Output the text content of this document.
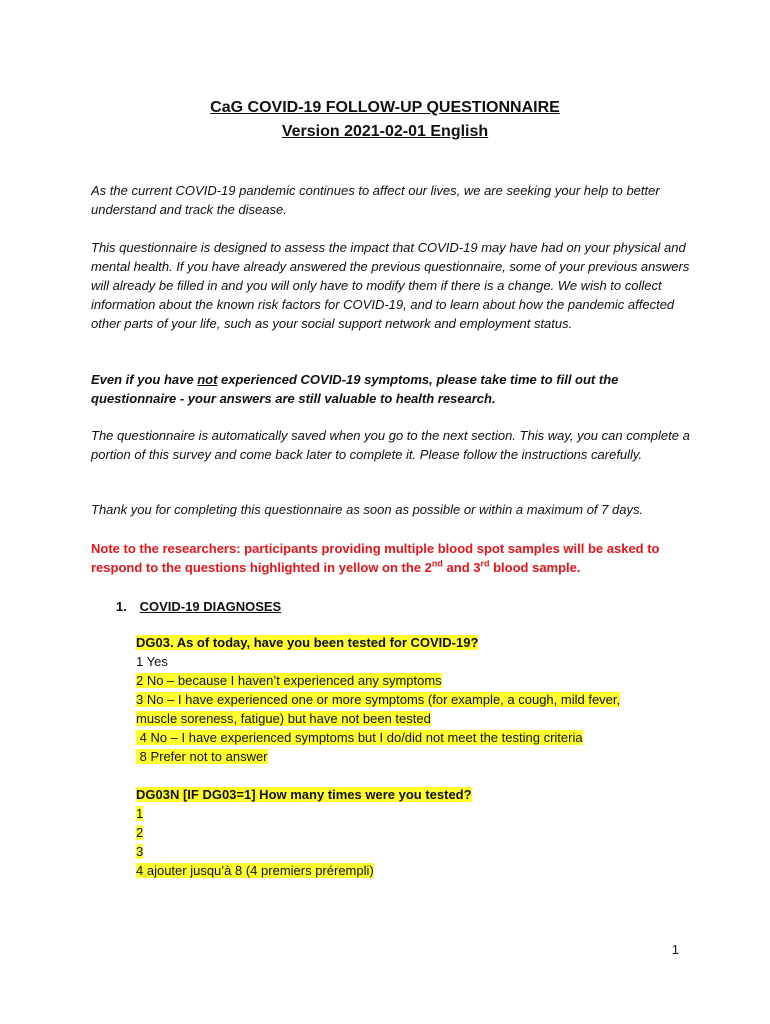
CaG COVID-19 FOLLOW-UP QUESTIONNAIRE
Version 2021-02-01 English
As the current COVID-19 pandemic continues to affect our lives, we are seeking your help to better understand and track the disease.
This questionnaire is designed to assess the impact that COVID-19 may have had on your physical and mental health. If you have already answered the previous questionnaire, some of your previous answers will already be filled in and you will only have to modify them if there is a change. We wish to collect information about the known risk factors for COVID-19, and to learn about how the pandemic affected other parts of your life, such as your social support network and employment status.
Even if you have not experienced COVID-19 symptoms, please take time to fill out the questionnaire - your answers are still valuable to health research.
The questionnaire is automatically saved when you go to the next section. This way, you can complete a portion of this survey and come back later to complete it. Please follow the instructions carefully.
Thank you for completing this questionnaire as soon as possible or within a maximum of 7 days.
Note to the researchers: participants providing multiple blood spot samples will be asked to respond to the questions highlighted in yellow on the 2nd and 3rd blood sample.
1. COVID-19 DIAGNOSES
DG03. As of today, have you been tested for COVID-19?
1 Yes
2 No – because I haven’t experienced any symptoms
3 No – I have experienced one or more symptoms (for example, a cough, mild fever,
muscle soreness, fatigue) but have not been tested
4 No – I have experienced symptoms but I do/did not meet the testing criteria
8 Prefer not to answer
DG03N [IF DG03=1] How many times were you tested?
1
2
3
4 ajouter jusqu’à 8 (4 premiers prérempli)
1
